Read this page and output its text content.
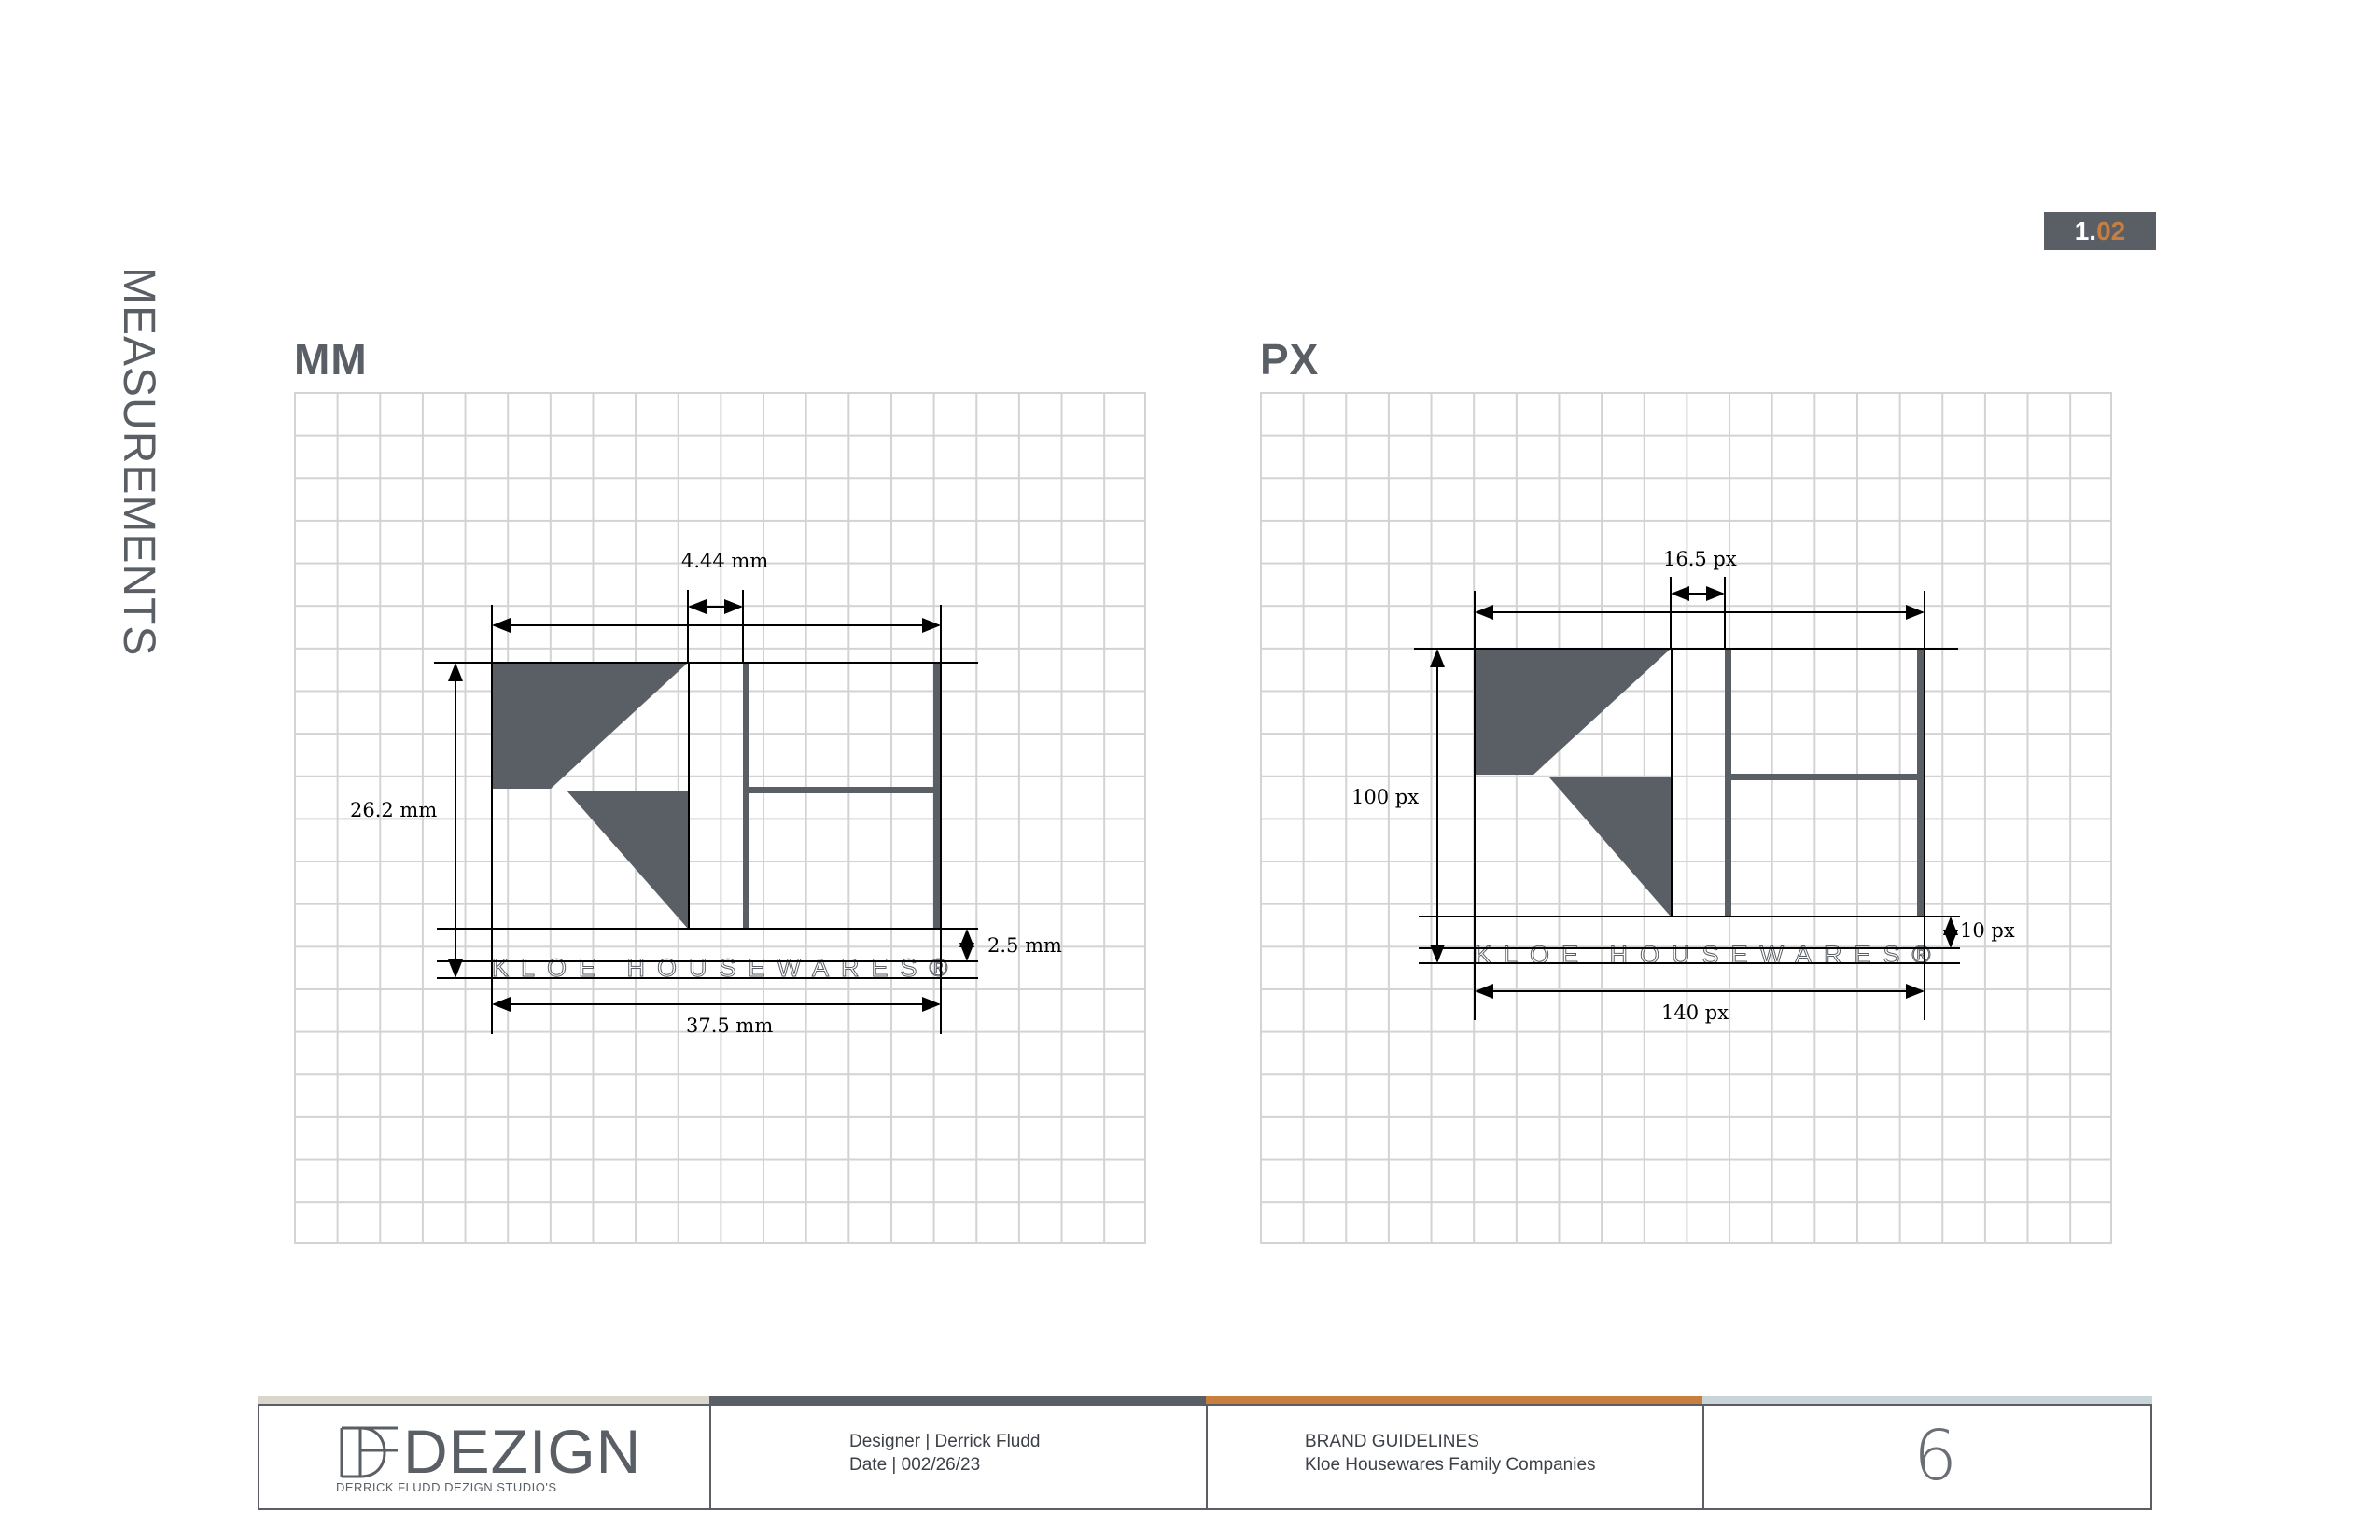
MEASUREMENTS
1.02
MM
KLOE HOUSEWARES®
4.44 mm
26.2 mm
2.5 mm
37.5 mm
PX
KLOE HOUSEWARES®
16.5 px
100 px
10 px
140 px
DEZIGN
DERRICK FLUDD DEZIGN STUDIO'S
Designer | Derrick Fludd
Date | 002/26/23
BRAND GUIDELINES
Kloe Housewares Family Companies	6
